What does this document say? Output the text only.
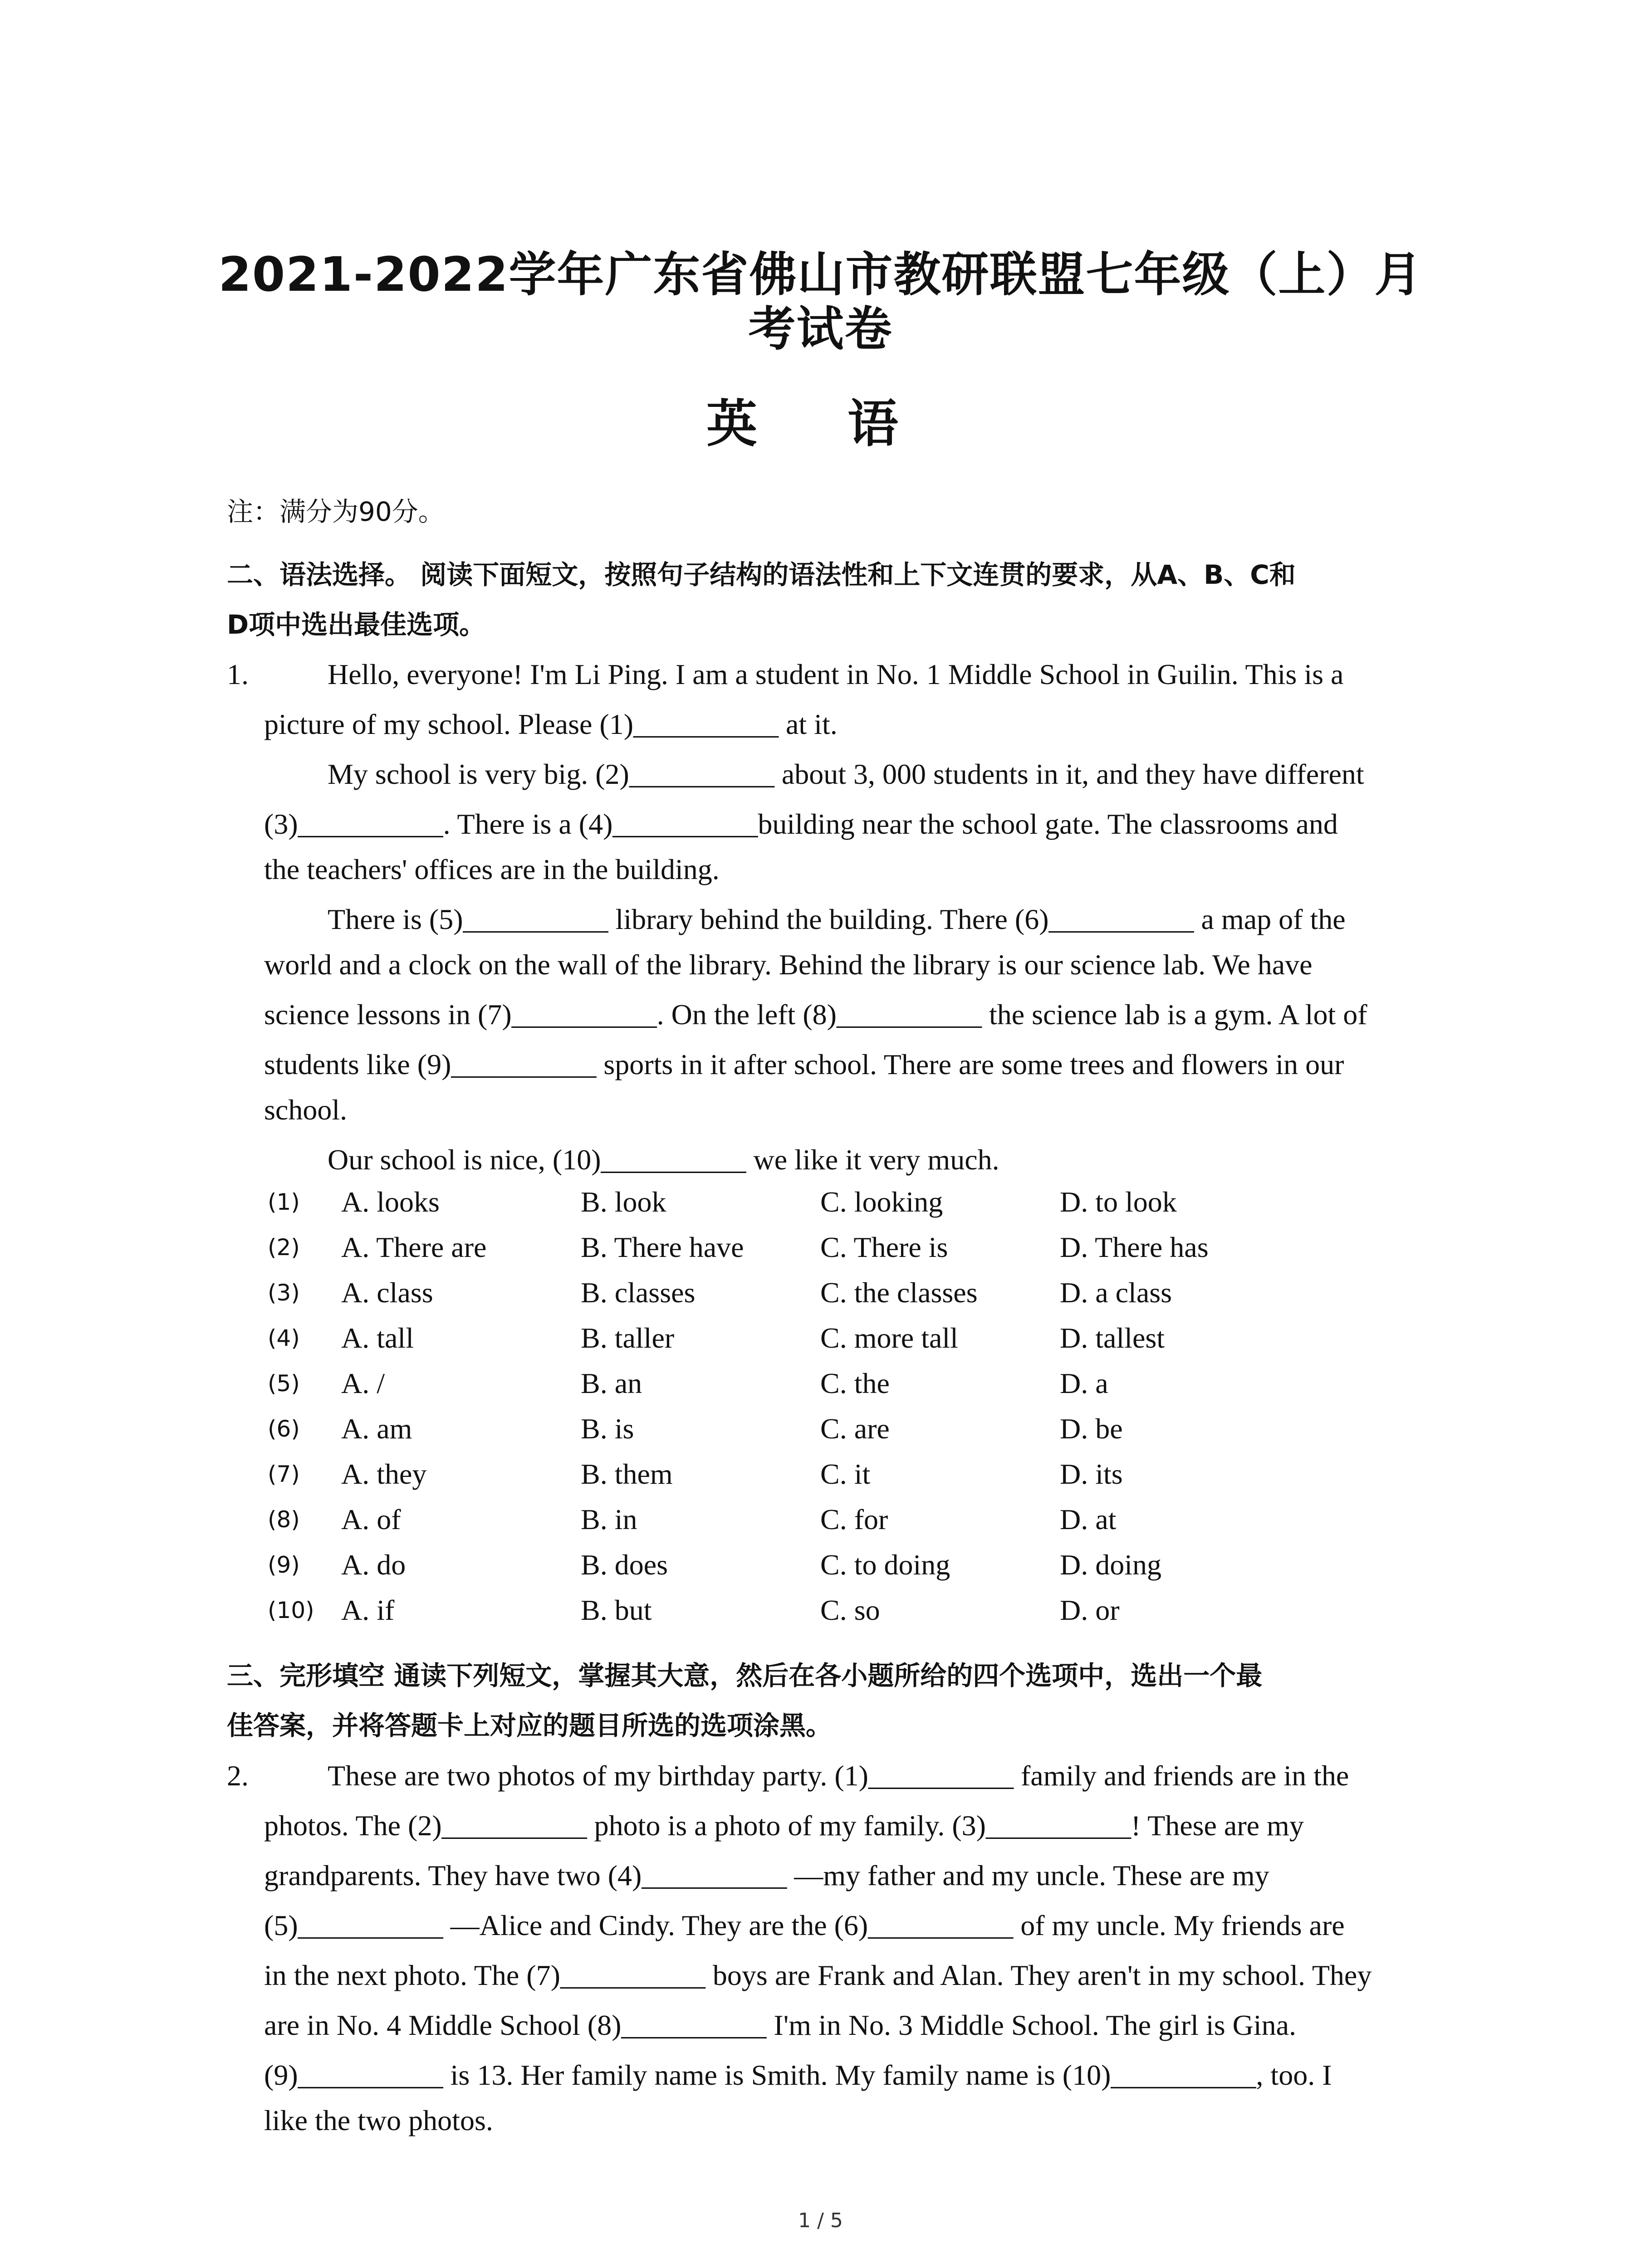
2021-2022学年广东省佛山市教研联盟七年级（上）月
考试卷
英 语
注：满分为90分。
二、语法选择。 阅读下面短文，按照句子结构的语法性和上下文连贯的要求，从A、B、C和
D项中选出最佳选项。
1.	Hello, everyone! I'm Li Ping. I am a student in No. 1 Middle School in Guilin. This is a
picture of my school. Please (1)__________ at it.
My school is very big. (2)__________ about 3, 000 students in it, and they have different
(3)__________. There is a (4)__________building near the school gate. The classrooms and
the teachers' offices are in the building.
There is (5)__________ library behind the building. There (6)__________ a map of the
world and a clock on the wall of the library. Behind the library is our science lab. We have
science lessons in (7)__________. On the left (8)__________ the science lab is a gym. A lot of
students like (9)__________ sports in it after school. There are some trees and flowers in our
school.
Our school is nice, (10)__________ we like it very much.
(1) A. looks	B. look	C. looking	D. to look
(2) A. There are	B. There have	C. There is	D. There has
(3) A. class	B. classes	C. the classes	D. a class
(4) A. tall	B. taller	C. more tall	D. tallest
(5) A. /	B. an	C. the	D. a
(6) A. am	B. is	C. are	D. be
(7) A. they	B. them	C. it	D. its
(8) A. of	B. in	C. for	D. at
(9) A. do	B. does	C. to doing	D. doing
(10) A. if	B. but	C. so	D. or
三、完形填空 通读下列短文，掌握其大意，然后在各小题所给的四个选项中，选出一个最
佳答案，并将答题卡上对应的题目所选的选项涂黑。
2.	These are two photos of my birthday party. (1)__________ family and friends are in the
photos. The (2)__________ photo is a photo of my family. (3)__________! These are my
grandparents. They have two (4)__________ —my father and my uncle. These are my
(5)__________ —Alice and Cindy. They are the (6)__________ of my uncle. My friends are
in the next photo. The (7)__________ boys are Frank and Alan. They aren't in my school. They
are in No. 4 Middle School (8)__________ I'm in No. 3 Middle School. The girl is Gina.
(9)__________ is 13. Her family name is Smith. My family name is (10)__________, too. I
like the two photos.
1 / 5
